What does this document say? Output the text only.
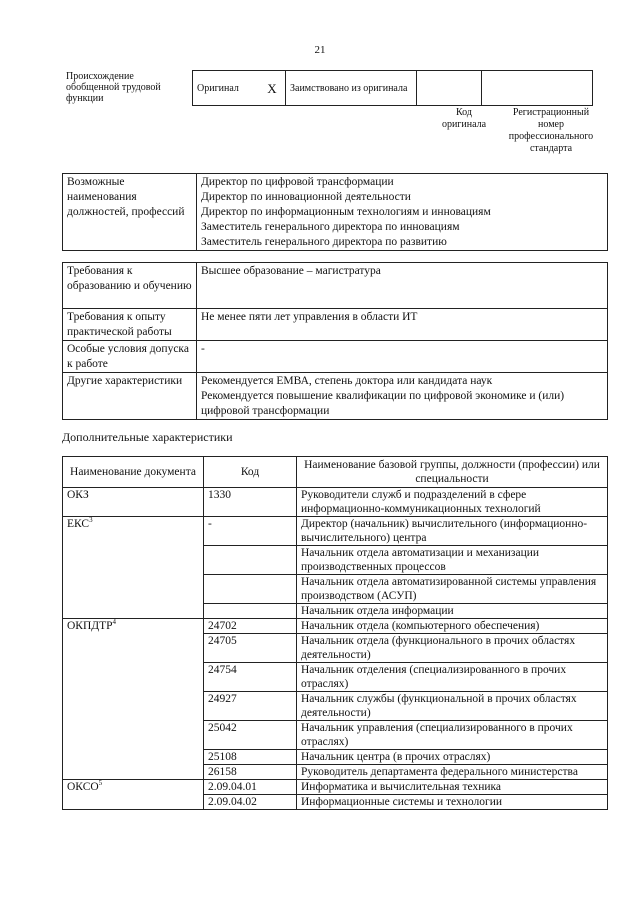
21
Происхождение обобщенной трудовой функции
Оригинал	X	Заимствовано из оригинала		
Код оригинала
Регистрационный номер профессионального стандарта
Возможные наименования должностей, профессий	
Директор по цифровой трансформации
Директор по инновационной деятельности
Директор по информационным технологиям и инновациям
Заместитель генерального директора по инновациям
Заместитель генерального директора по развитию
Требования к образованию и обучению	Высшее образование – магистратура

Требования к опыту практической работы	Не менее пяти лет управления в области ИТ

Особые условия допуска к работе	-

Другие характеристики	Рекомендуется ЕМВА, степень доктора или кандидата наук
Рекомендуется повышение квалификации по цифровой экономике и (или) цифровой трансформации
Дополнительные характеристики
Наименование документа	Код	Наименование базовой группы, должности (профессии) или специальности
ОКЗ	1330	Руководители служб и подразделений в сфере информационно-коммуникационных технологий
ЕКС$^3$	-	Директор (начальник) вычислительного (информационно-вычислительного) центра
		Начальник отдела автоматизации и механизации производственных процессов
		Начальник отдела автоматизированной системы управления производством (АСУП)
		Начальник отдела информации
ОКПДТР$^4$	24702	Начальник отдела (компьютерного обеспечения)
	24705	Начальник отдела (функционального в прочих областях деятельности)
	24754	Начальник отделения (специализированного в прочих отраслях)
	24927	Начальник службы (функциональной в прочих областях деятельности)
	25042	Начальник управления (специализированного в прочих отраслях)
	25108	Начальник центра (в прочих отраслях)
	26158	Руководитель департамента федерального министерства
ОКСО$^5$	2.09.04.01	Информатика и вычислительная техника
	2.09.04.02	Информационные системы и технологии
